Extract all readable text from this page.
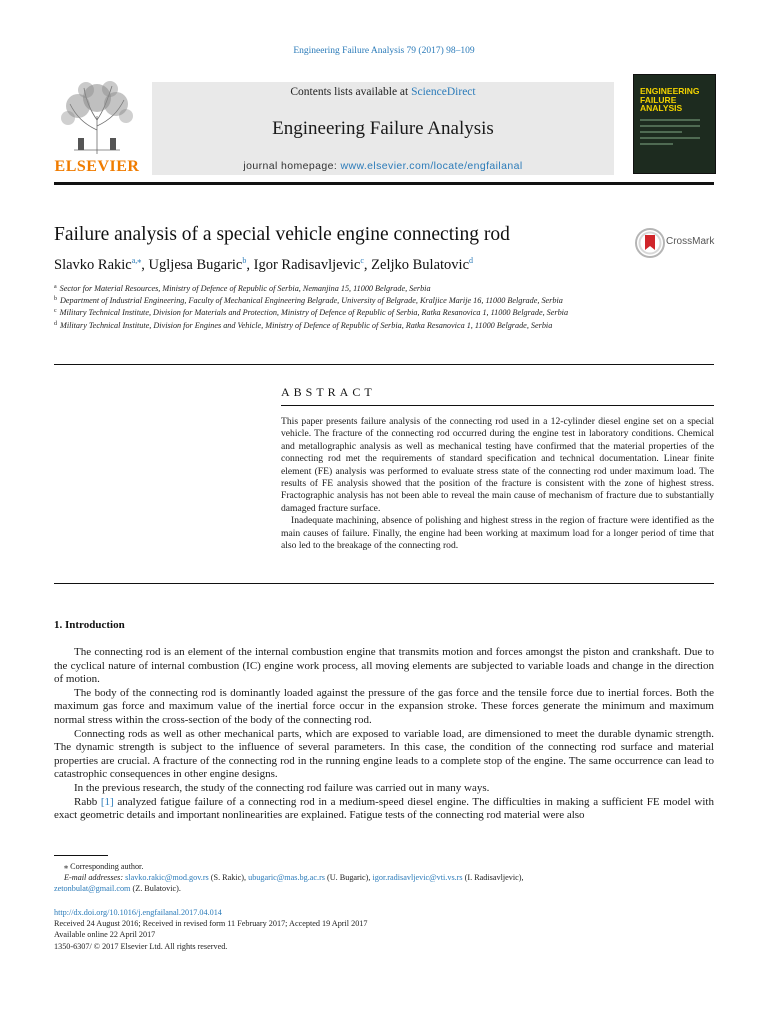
Engineering Failure Analysis 79 (2017) 98–109
ELSEVIER
Contents lists available at ScienceDirect
Engineering Failure Analysis
journal homepage: www.elsevier.com/locate/engfailanal
ENGINEERING
FAILURE
ANALYSIS
Failure analysis of a special vehicle engine connecting rod	CrossMark
Slavko Rakic$^{a,⁎}$, Ugljesa Bugaric$^b$, Igor Radisavljevic$^c$, Zeljko Bulatovic$^d$
$^a$ Sector for Material Resources, Ministry of Defence of Republic of Serbia, Nemanjina 15, 11000 Belgrade, Serbia
$^b$ Department of Industrial Engineering, Faculty of Mechanical Engineering Belgrade, University of Belgrade, Kraljice Marije 16, 11000 Belgrade, Serbia
$^c$ Military Technical Institute, Division for Materials and Protection, Ministry of Defence of Republic of Serbia, Ratka Resanovica 1, 11000 Belgrade, Serbia
$^d$ Military Technical Institute, Division for Engines and Vehicle, Ministry of Defence of Republic of Serbia, Ratka Resanovica 1, 11000 Belgrade, Serbia
ABSTRACT

This paper presents failure analysis of the connecting rod used in a 12-cylinder diesel engine set on a special vehicle. The fracture of the connecting rod occurred during the engine test in laboratory conditions. Chemical and metallographic analysis as well as mechanical testing have confirmed that the material properties of the connecting rod met the requirements of standard specification and technical documentation. Linear finite element (FE) analysis was performed to evaluate stress state of the connecting rod under maximum load. The results of FE analysis showed that the position of the fracture is consistent with the zone of highest stress. Fractographic analysis has not been able to reveal the main cause of mechanism of fracture due to substantially damaged fracture surface.

Inadequate machining, absence of polishing and highest stress in the region of fracture were identified as the main causes of failure. Finally, the engine had been working at maximum load for a longer period of time that also led to the breakage of the connecting rod.

1. Introduction

The connecting rod is an element of the internal combustion engine that transmits motion and forces amongst the piston and crankshaft. Due to the cyclical nature of internal combustion (IC) engine work process, all moving elements are subjected to variable loads and change in the direction of motion.

The body of the connecting rod is dominantly loaded against the pressure of the gas force and the tensile force due to inertial forces. Both the maximum gas force and maximum value of the inertial force occur in the expansion stroke. These forces generate the minimum and maximum normal stress within the cross-section of the body of the connecting rod.

Connecting rods as well as other mechanical parts, which are exposed to variable load, are dimensioned to meet the durable dynamic strength. The dynamic strength is subject to the influence of several parameters. In this case, the condition of the connecting rod surface and material properties are crucial. A fracture of the connecting rod in the running engine leads to a complete stop of the engine. The same occurrence can lead to catastrophic consequences in other engine designs.

In the previous research, the study of the connecting rod failure was carried out in many ways.

Rabb [1] analyzed fatigue failure of a connecting rod in a medium-speed diesel engine. The difficulties in making a sufficient FE model with exact geometric details and important nonlinearities are explained. Fatigue tests of the connecting rod material were also

⁎ Corresponding author.
E-mail addresses: slavko.rakic@mod.gov.rs (S. Rakic), ubugaric@mas.bg.ac.rs (U. Bugaric), igor.radisavljevic@vti.vs.rs (I. Radisavljevic),
zetonbulat@gmail.com (Z. Bulatovic).
http://dx.doi.org/10.1016/j.engfailanal.2017.04.014
Received 24 August 2016; Received in revised form 11 February 2017; Accepted 19 April 2017
Available online 22 April 2017
1350-6307/ © 2017 Elsevier Ltd. All rights reserved.
